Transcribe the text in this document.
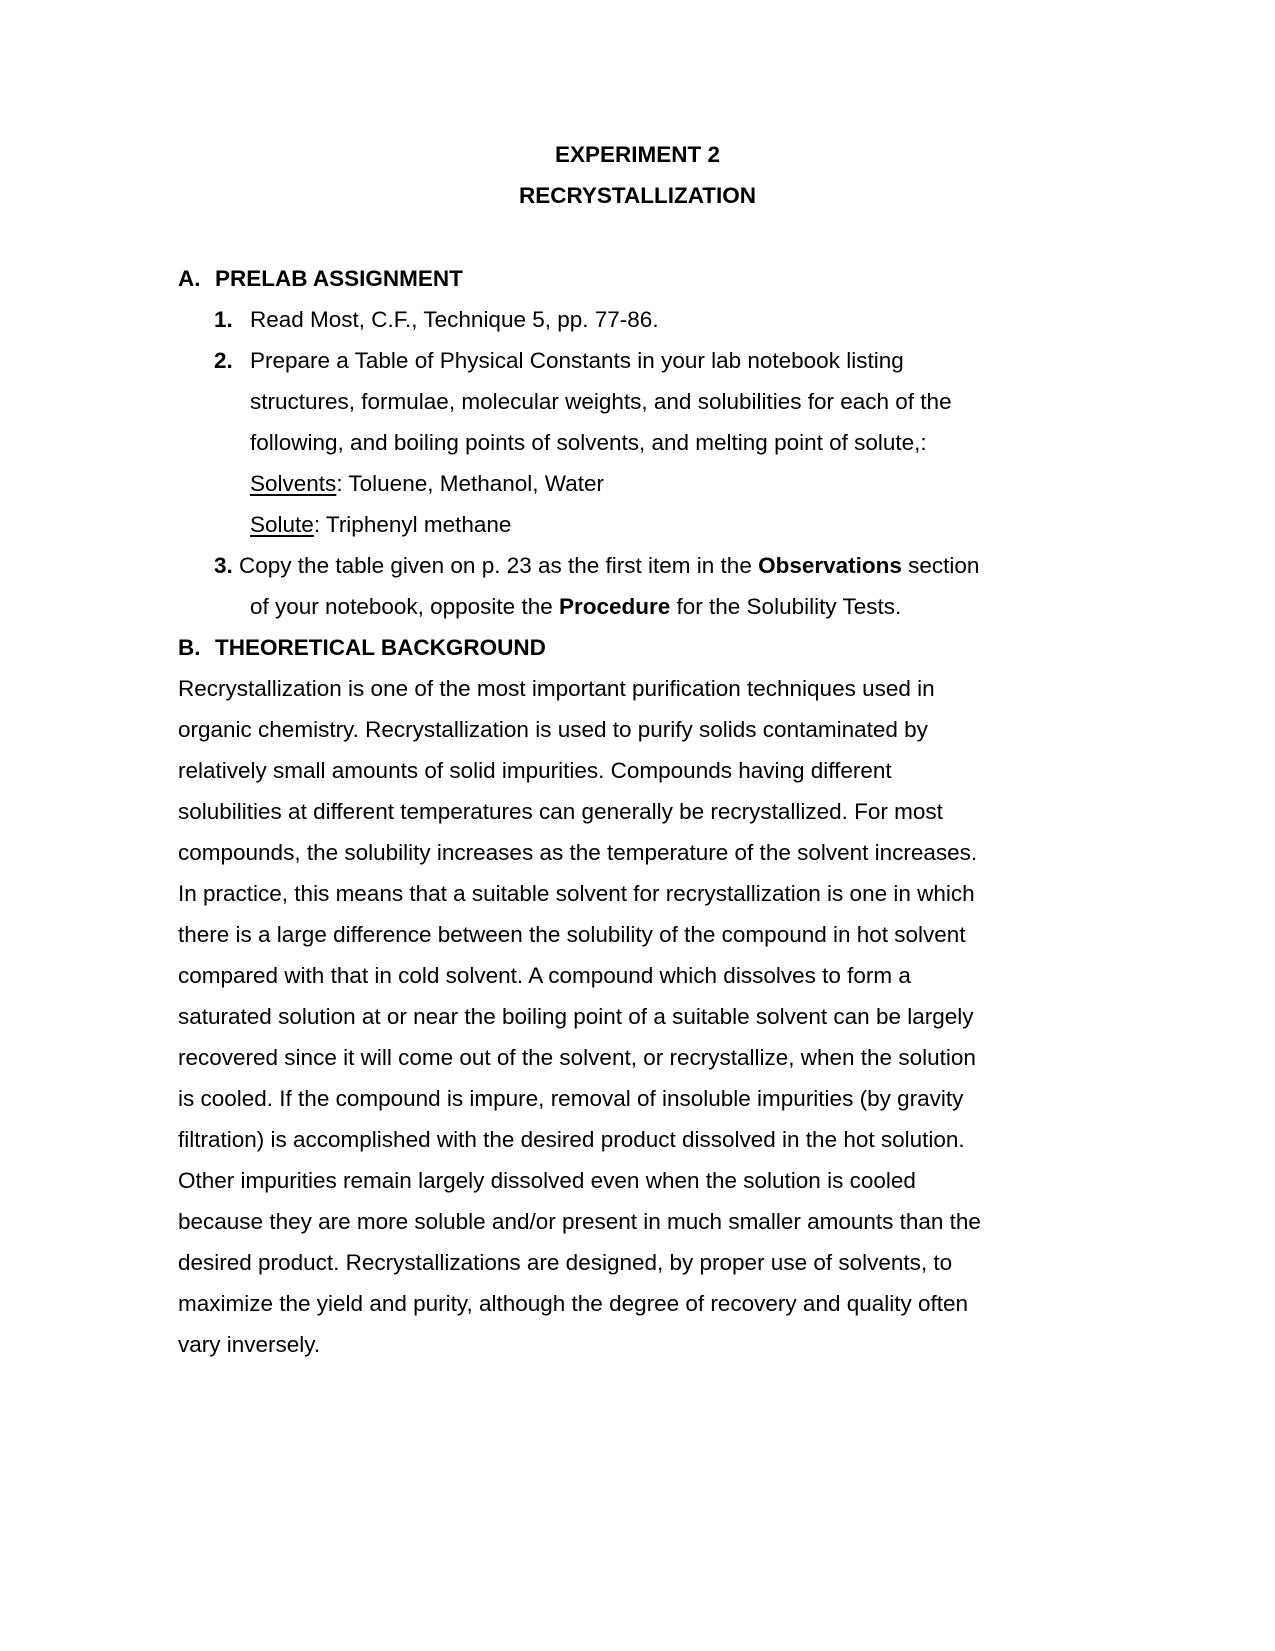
EXPERIMENT 2
RECRYSTALLIZATION
A. PRELAB ASSIGNMENT
1. Read Most, C.F., Technique 5, pp. 77-86.
2. Prepare a Table of Physical Constants in your lab notebook listing
structures, formulae, molecular weights, and solubilities for each of the
following, and boiling points of solvents, and melting point of solute,:
Solvents: Toluene, Methanol, Water
Solute: Triphenyl methane
3. Copy the table given on p. 23 as the first item in the Observations section
of your notebook, opposite the Procedure for the Solubility Tests.
B. THEORETICAL BACKGROUND
Recrystallization is one of the most important purification techniques used in
organic chemistry. Recrystallization is used to purify solids contaminated by
relatively small amounts of solid impurities. Compounds having different
solubilities at different temperatures can generally be recrystallized. For most
compounds, the solubility increases as the temperature of the solvent increases.
In practice, this means that a suitable solvent for recrystallization is one in which
there is a large difference between the solubility of the compound in hot solvent
compared with that in cold solvent. A compound which dissolves to form a
saturated solution at or near the boiling point of a suitable solvent can be largely
recovered since it will come out of the solvent, or recrystallize, when the solution
is cooled. If the compound is impure, removal of insoluble impurities (by gravity
filtration) is accomplished with the desired product dissolved in the hot solution.
Other impurities remain largely dissolved even when the solution is cooled
because they are more soluble and/or present in much smaller amounts than the
desired product. Recrystallizations are designed, by proper use of solvents, to
maximize the yield and purity, although the degree of recovery and quality often
vary inversely.
